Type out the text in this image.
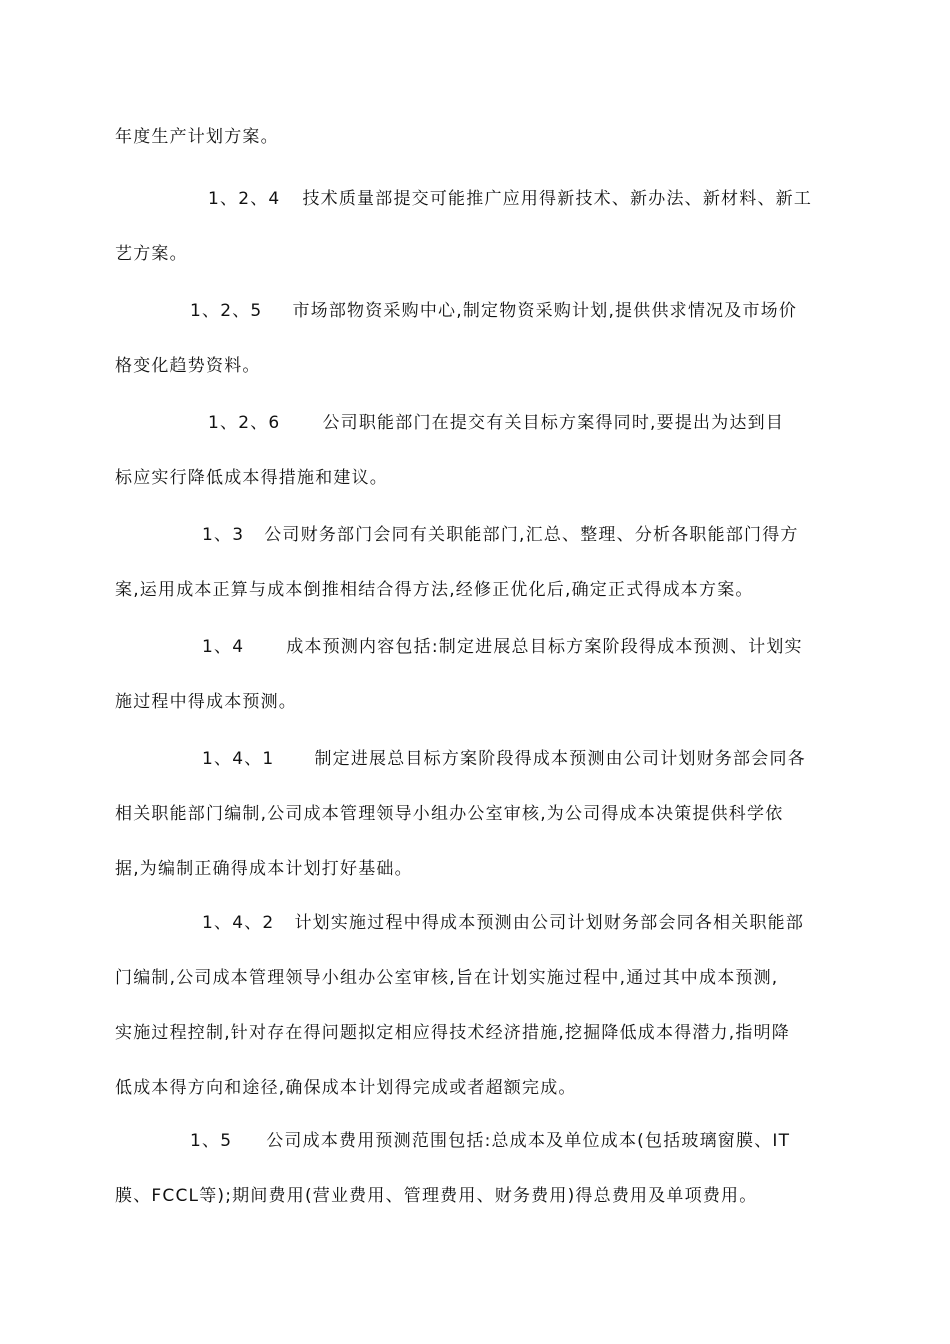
年度生产计划方案。
1、2、4 技术质量部提交可能推广应用得新技术、新办法、新材料、新工
艺方案。
1、2、5 市场部物资采购中心,制定物资采购计划,提供供求情况及市场价
格变化趋势资料。
1、2、6 公司职能部门在提交有关目标方案得同时,要提出为达到目
标应实行降低成本得措施和建议。
1、3 公司财务部门会同有关职能部门,汇总、整理、分析各职能部门得方
案,运用成本正算与成本倒推相结合得方法,经修正优化后,确定正式得成本方案。
1、4 成本预测内容包括:制定进展总目标方案阶段得成本预测、计划实
施过程中得成本预测。
1、4、1 制定进展总目标方案阶段得成本预测由公司计划财务部会同各
相关职能部门编制,公司成本管理领导小组办公室审核,为公司得成本决策提供科学依
据,为编制正确得成本计划打好基础。
1、4、2 计划实施过程中得成本预测由公司计划财务部会同各相关职能部
门编制,公司成本管理领导小组办公室审核,旨在计划实施过程中,通过其中成本预测,
实施过程控制,针对存在得问题拟定相应得技术经济措施,挖掘降低成本得潜力,指明降
低成本得方向和途径,确保成本计划得完成或者超额完成。
1、5 公司成本费用预测范围包括:总成本及单位成本(包括玻璃窗膜、IT
膜、FCCL等);期间费用(营业费用、管理费用、财务费用)得总费用及单项费用。
